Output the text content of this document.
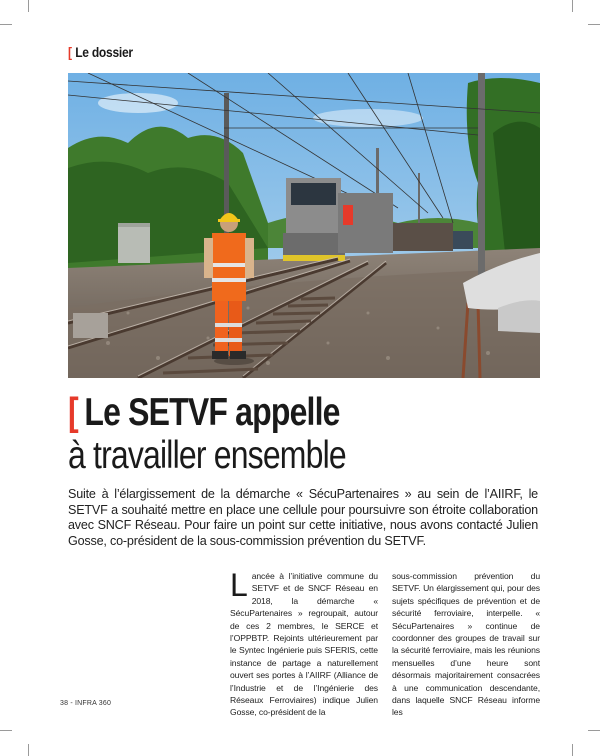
[ Le dossier
[ Le SETVF appelle
à travailler ensemble

Suite à l’élargissement de la démarche « SécuPartenaires » au sein de l’AIIRF, le SETVF a souhaité mettre en place une cellule pour poursuivre son étroite collaboration avec SNCF Réseau. Pour faire un point sur cette initiative, nous avons contacté Julien Gosse, co-président de la sous-commission prévention du SETVF.

Lancée à l’initiative commune du SETVF et de SNCF Réseau en 2018, la démarche « SécuPartenaires » regroupait, autour de ces 2 membres, le SERCE et l’OPPBTP. Rejoints ultérieurement par le Syntec Ingénierie puis SFERIS, cette instance de partage a naturellement ouvert ses portes à l’AIIRF (Alliance de l’Industrie et de l’Ingénierie des Réseaux Ferroviaires) indique Julien Gosse, co-président de la
sous-commission prévention du SETVF. Un élargissement qui, pour des sujets spécifiques de prévention et de sécurité ferroviaire, interpelle. « SécuPartenaires » continue de coordonner des groupes de travail sur la sécurité ferroviaire, mais les réunions mensuelles d’une heure sont désormais majoritairement consacrées à une communication descendante, dans laquelle SNCF Réseau informe les
38 - INFRA 360
